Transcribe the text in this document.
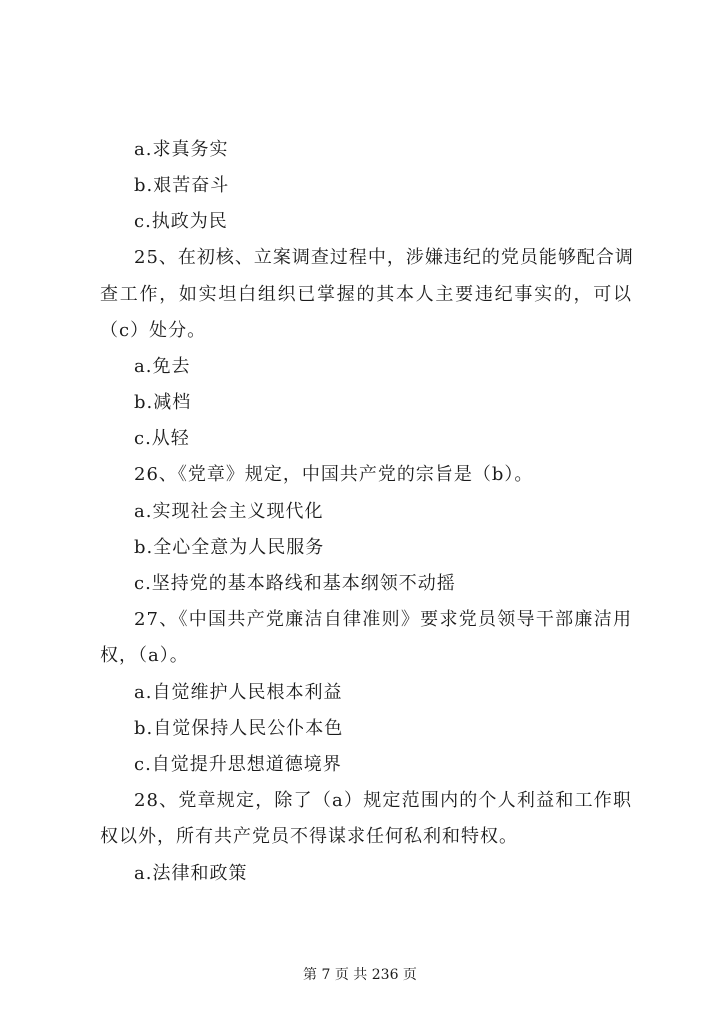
a.求真务实
b.艰苦奋斗
c.执政为民
25、在初核、立案调查过程中，涉嫌违纪的党员能够配合调
查工作，如实坦白组织已掌握的其本人主要违纪事实的，可以
（c）处分。
a.免去
b.减档
c.从轻
26、《党章》规定，中国共产党的宗旨是（b）。
a.实现社会主义现代化
b.全心全意为人民服务
c.坚持党的基本路线和基本纲领不动摇
27、《中国共产党廉洁自律准则》要求党员领导干部廉洁用
权，（a）。
a.自觉维护人民根本利益
b.自觉保持人民公仆本色
c.自觉提升思想道德境界
28、党章规定，除了（a）规定范围内的个人利益和工作职
权以外，所有共产党员不得谋求任何私利和特权。
a.法律和政策
第 7 页 共 236 页
